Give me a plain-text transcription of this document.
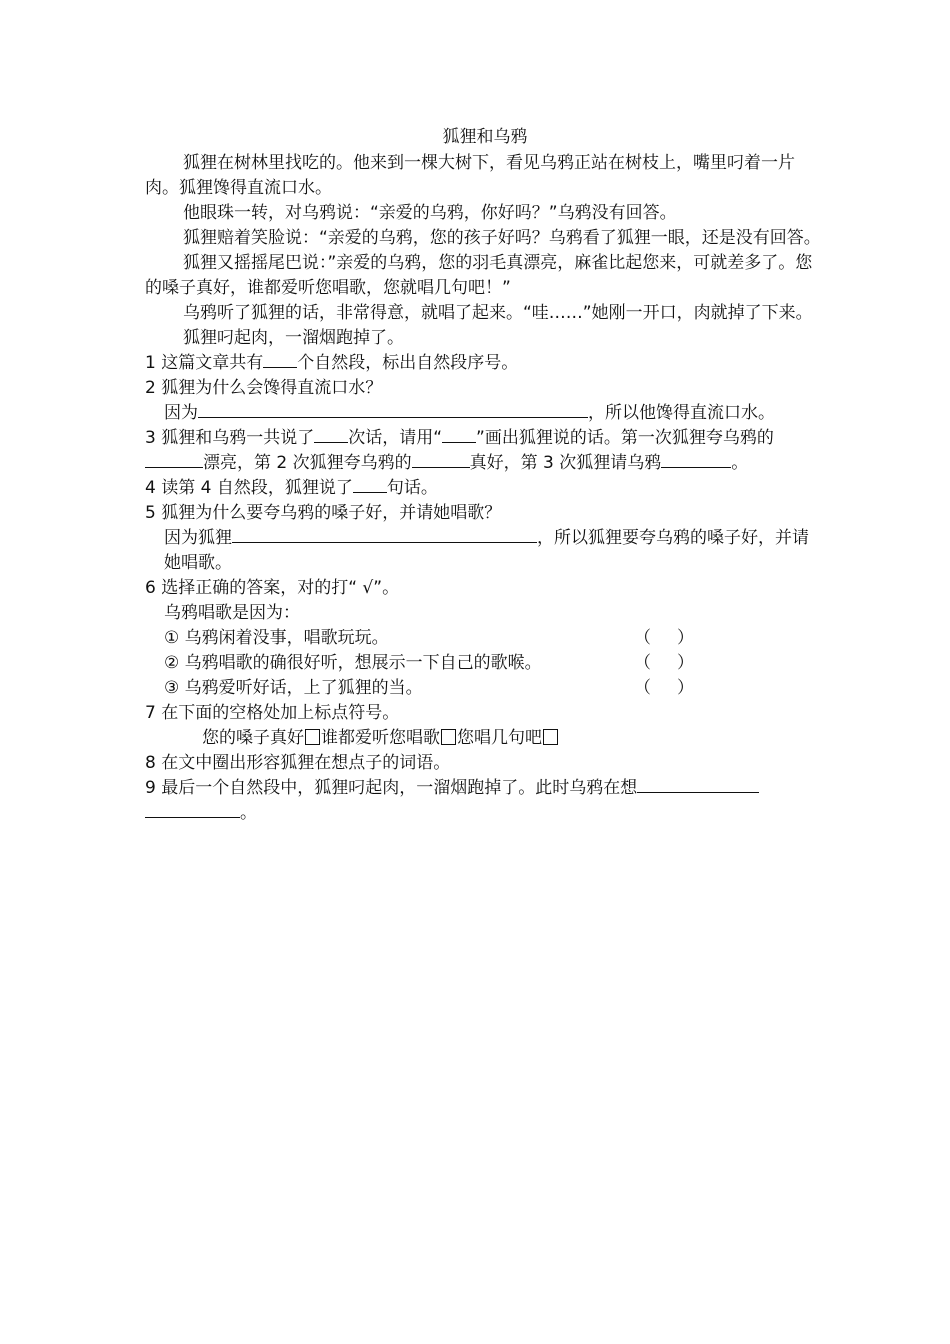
狐狸和乌鸦

狐狸在树林里找吃的。他来到一棵大树下，看见乌鸦正站在树枝上，嘴里叼着一片肉。狐狸馋得直流口水。

他眼珠一转，对乌鸦说：“亲爱的乌鸦，你好吗？”乌鸦没有回答。

狐狸赔着笑脸说：“亲爱的乌鸦，您的孩子好吗？乌鸦看了狐狸一眼，还是没有回答。

狐狸又摇摇尾巴说：”亲爱的乌鸦，您的羽毛真漂亮，麻雀比起您来，可就差多了。您的嗓子真好，谁都爱听您唱歌，您就唱几句吧！”

乌鸦听了狐狸的话，非常得意，就唱了起来。“哇……”她刚一开口，肉就掉了下来。

狐狸叼起肉，一溜烟跑掉了。

1 这篇文章共有 个自然段，标出自然段序号。

2 狐狸为什么会馋得直流口水？

因为	，所以他馋得直流口水。

3 狐狸和乌鸦一共说了 次话，请用“ ”画出狐狸说的话。第一次狐狸夸乌鸦的漂亮，第 2 次狐狸夸乌鸦的	真好，第 3 次狐狸请乌鸦	。

4 读第 4 自然段，狐狸说了 句话。

5 狐狸为什么要夸乌鸦的嗓子好，并请她唱歌？

因为狐狸	，所以狐狸要夸乌鸦的嗓子好，并请她唱歌。

6 选择正确的答案，对的打“ √”。

乌鸦唱歌是因为：

① 乌鸦闲着没事，唱歌玩玩。	（ ）
② 乌鸦唱歌的确很好听，想展示一下自己的歌喉。	（ ）
③ 乌鸦爱听好话，上了狐狸的当。	（ ）

7 在下面的空格处加上标点符号。

您的嗓子真好 谁都爱听您唱歌 您唱几句吧

8 在文中圈出形容狐狸在想点子的词语。

9 最后一个自然段中，狐狸叼起肉，一溜烟跑掉了。此时乌鸦在想

。
